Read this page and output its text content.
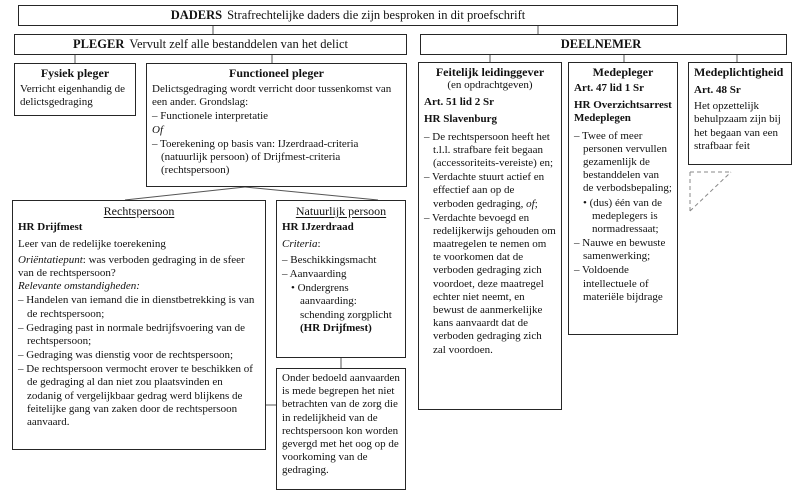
DADERS Strafrechtelijke daders die zijn besproken in dit proefschrift
PLEGER Vervult zelf alle bestanddelen van het delict	DEELNEMER
Fysiek pleger
Verricht eigenhandig de delictsgedraging
Functioneel pleger
Delictsgedraging wordt verricht door tussenkomst van een ander. Grondslag:
– Functionele interpretatie
Of
– Toerekening op basis van: IJzerdraad-criteria (natuurlijk persoon) of Drijfmest-criteria (rechtspersoon)
Rechtspersoon
HR Drijfmest
Leer van de redelijke toerekening
Oriëntatiepunt: was verboden gedraging in de sfeer van de rechtspersoon?
Relevante omstandigheden:
– Handelen van iemand die in dienstbetrekking is van de rechtspersoon;
– Gedraging past in normale bedrijfsvoering van de rechtspersoon;
– Gedraging was dienstig voor de rechtspersoon;
– De rechtspersoon vermocht erover te beschikken of de gedraging al dan niet zou plaatsvinden en zodanig of vergelijkbaar gedrag werd blijkens de feitelijke gang van zaken door de rechtspersoon aanvaard.
Natuurlijk persoon
HR IJzerdraad
Criteria:
– Beschikkingsmacht
– Aanvaarding
• Ondergrens aanvaarding: schending zorgplicht (HR Drijfmest)
Onder bedoeld aanvaarden is mede begrepen het niet betrachten van de zorg die in redelijkheid van de rechtspersoon kon worden gevergd met het oog op de voorkoming van de gedraging.
Feitelijk leidinggever
(en opdrachtgeven)
Art. 51 lid 2 Sr
HR Slavenburg
– De rechtspersoon heeft het t.l.l. strafbare feit begaan (accessoriteits-vereiste) en;
– Verdachte stuurt actief en effectief aan op de verboden gedraging, of;
– Verdachte bevoegd en redelijkerwijs gehouden om maatregelen te nemen om te voorkomen dat de verboden gedraging zich voordoet, deze maatregel echter niet neemt, en bewust de aanmerkelijke kans aanvaardt dat de verboden gedraging zich zal voordoen.
Medepleger
Art. 47 lid 1 Sr
HR Overzichtsarrest Medeplegen
– Twee of meer personen vervullen gezamenlijk de bestanddelen van de verbodsbepaling;
• (dus) één van de medeplegers is normadressaat;
– Nauwe en bewuste samenwerking;
– Voldoende intellectuele of materiële bijdrage
Medeplichtigheid
Art. 48 Sr
Het opzettelijk behulpzaam zijn bij het begaan van een strafbaar feit
